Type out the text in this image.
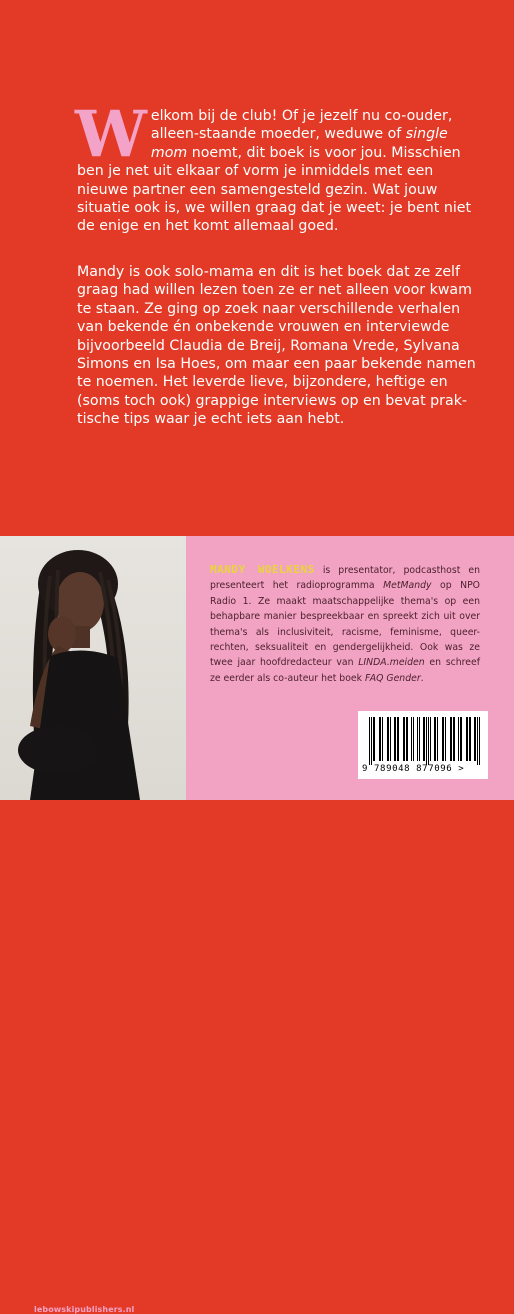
W elkom bij de club! Of je jezelf nu co-ouder, alleen-staande moeder, weduwe of single mom noemt, dit boek is voor jou. Misschien ben je net uit elkaar of vorm je inmiddels met een nieuwe partner een samengesteld gezin. Wat jouw situatie ook is, we willen graag dat je weet: je bent niet de enige en het komt allemaal goed.

Mandy is ook solo-mama en dit is het boek dat ze zelf graag had willen lezen toen ze er net alleen voor kwam te staan. Ze ging op zoek naar verschillende verhalen van bekende én onbekende vrouwen en interviewde bijvoorbeeld Claudia de Breij, Romana Vrede, Sylvana Simons en Isa Hoes, om maar een paar bekende namen te noemen. Het leverde lieve, bijzondere, heftige en (soms toch ook) grappige interviews op en bevat prak-tische tips waar je echt iets aan hebt.

lebowskipublishers.nl

MANDY WOELKENS is presentator, podcasthost en presenteert het radioprogramma MetMandy op NPO Radio 1. Ze maakt maatschappelijke thema's op een behapbare manier bespreekbaar en spreekt zich uit over thema's als inclusiviteit, racisme, feminisme, queer-rechten, seksualiteit en gendergelijkheid. Ook was ze twee jaar hoofdredacteur van LINDA.meiden en schreef ze eerder als co-auteur het boek FAQ Gender.

9 789048 877096 >
